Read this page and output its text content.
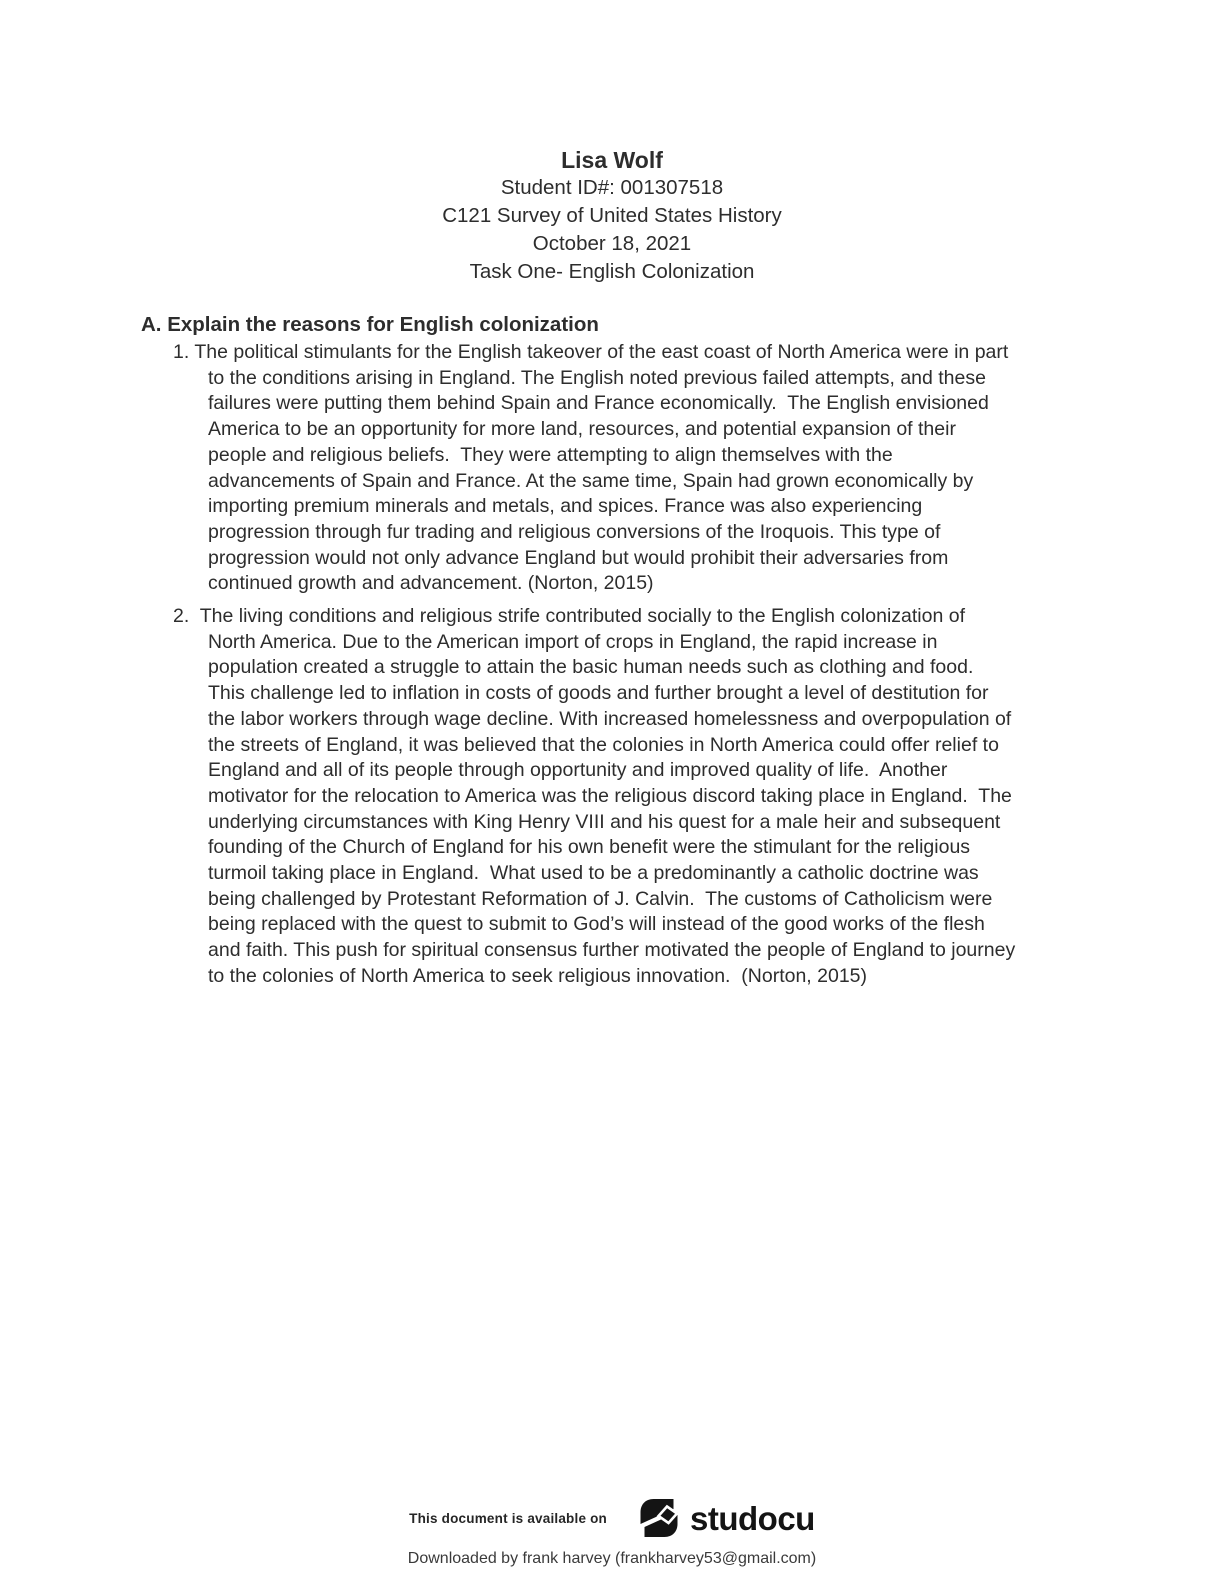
Lisa Wolf
Student ID#: 001307518
C121 Survey of United States History
October 18, 2021
Task One- English Colonization
A. Explain the reasons for English colonization
1. The political stimulants for the English takeover of the east coast of North America were in part
to the conditions arising in England. The English noted previous failed attempts, and these
failures were putting them behind Spain and France economically.  The English envisioned
America to be an opportunity for more land, resources, and potential expansion of their
people and religious beliefs.  They were attempting to align themselves with the
advancements of Spain and France. At the same time, Spain had grown economically by
importing premium minerals and metals, and spices. France was also experiencing
progression through fur trading and religious conversions of the Iroquois. This type of
progression would not only advance England but would prohibit their adversaries from
continued growth and advancement. (Norton, 2015)
2.  The living conditions and religious strife contributed socially to the English colonization of
North America. Due to the American import of crops in England, the rapid increase in
population created a struggle to attain the basic human needs such as clothing and food.
This challenge led to inflation in costs of goods and further brought a level of destitution for
the labor workers through wage decline. With increased homelessness and overpopulation of
the streets of England, it was believed that the colonies in North America could offer relief to
England and all of its people through opportunity and improved quality of life.  Another
motivator for the relocation to America was the religious discord taking place in England.  The
underlying circumstances with King Henry VIII and his quest for a male heir and subsequent
founding of the Church of England for his own benefit were the stimulant for the religious
turmoil taking place in England.  What used to be a predominantly a catholic doctrine was
being challenged by Protestant Reformation of J. Calvin.  The customs of Catholicism were
being replaced with the quest to submit to God’s will instead of the good works of the flesh
and faith. This push for spiritual consensus further motivated the people of England to journey
to the colonies of North America to seek religious innovation.  (Norton, 2015)
This document is available on	studocu
Downloaded by frank harvey (frankharvey53@gmail.com)
